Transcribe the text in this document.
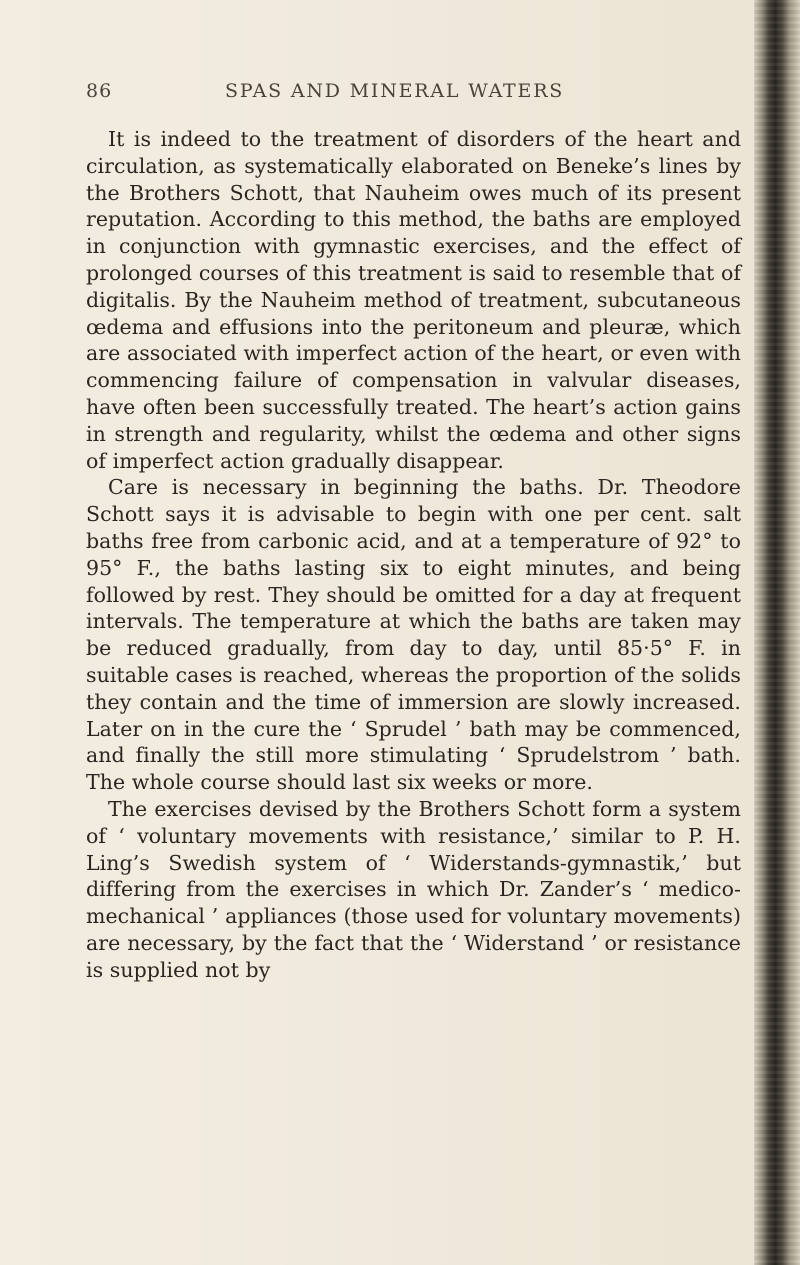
86	SPAS AND MINERAL WATERS

It is indeed to the treatment of disorders of the heart and circulation, as systematically elaborated on Beneke’s lines by the Brothers Schott, that Nauheim owes much of its present reputation. According to this method, the baths are employed in conjunction with gymnastic exercises, and the effect of prolonged courses of this treatment is said to resemble that of digitalis. By the Nauheim method of treatment, subcutaneous œdema and effusions into the peritoneum and pleuræ, which are associated with imperfect action of the heart, or even with commencing failure of compensation in valvular diseases, have often been successfully treated. The heart’s action gains in strength and regularity, whilst the œdema and other signs of imperfect action gradually disappear.

Care is necessary in beginning the baths. Dr. Theodore Schott says it is advisable to begin with one per cent. salt baths free from carbonic acid, and at a temperature of 92° to 95° F., the baths lasting six to eight minutes, and being followed by rest. They should be omitted for a day at frequent intervals. The temperature at which the baths are taken may be reduced gradually, from day to day, until 85·5° F. in suitable cases is reached, whereas the proportion of the solids they contain and the time of immersion are slowly increased. Later on in the cure the ‘ Sprudel ’ bath may be commenced, and finally the still more stimulating ‘ Sprudelstrom ’ bath. The whole course should last six weeks or more.

The exercises devised by the Brothers Schott form a system of ‘ voluntary movements with resistance,’ similar to P. H. Ling’s Swedish system of ‘ Widerstands-gymnastik,’ but differing from the exercises in which Dr. Zander’s ‘ medico-mechanical ’ appliances (those used for voluntary movements) are necessary, by the fact that the ‘ Widerstand ’ or resistance is supplied not by
